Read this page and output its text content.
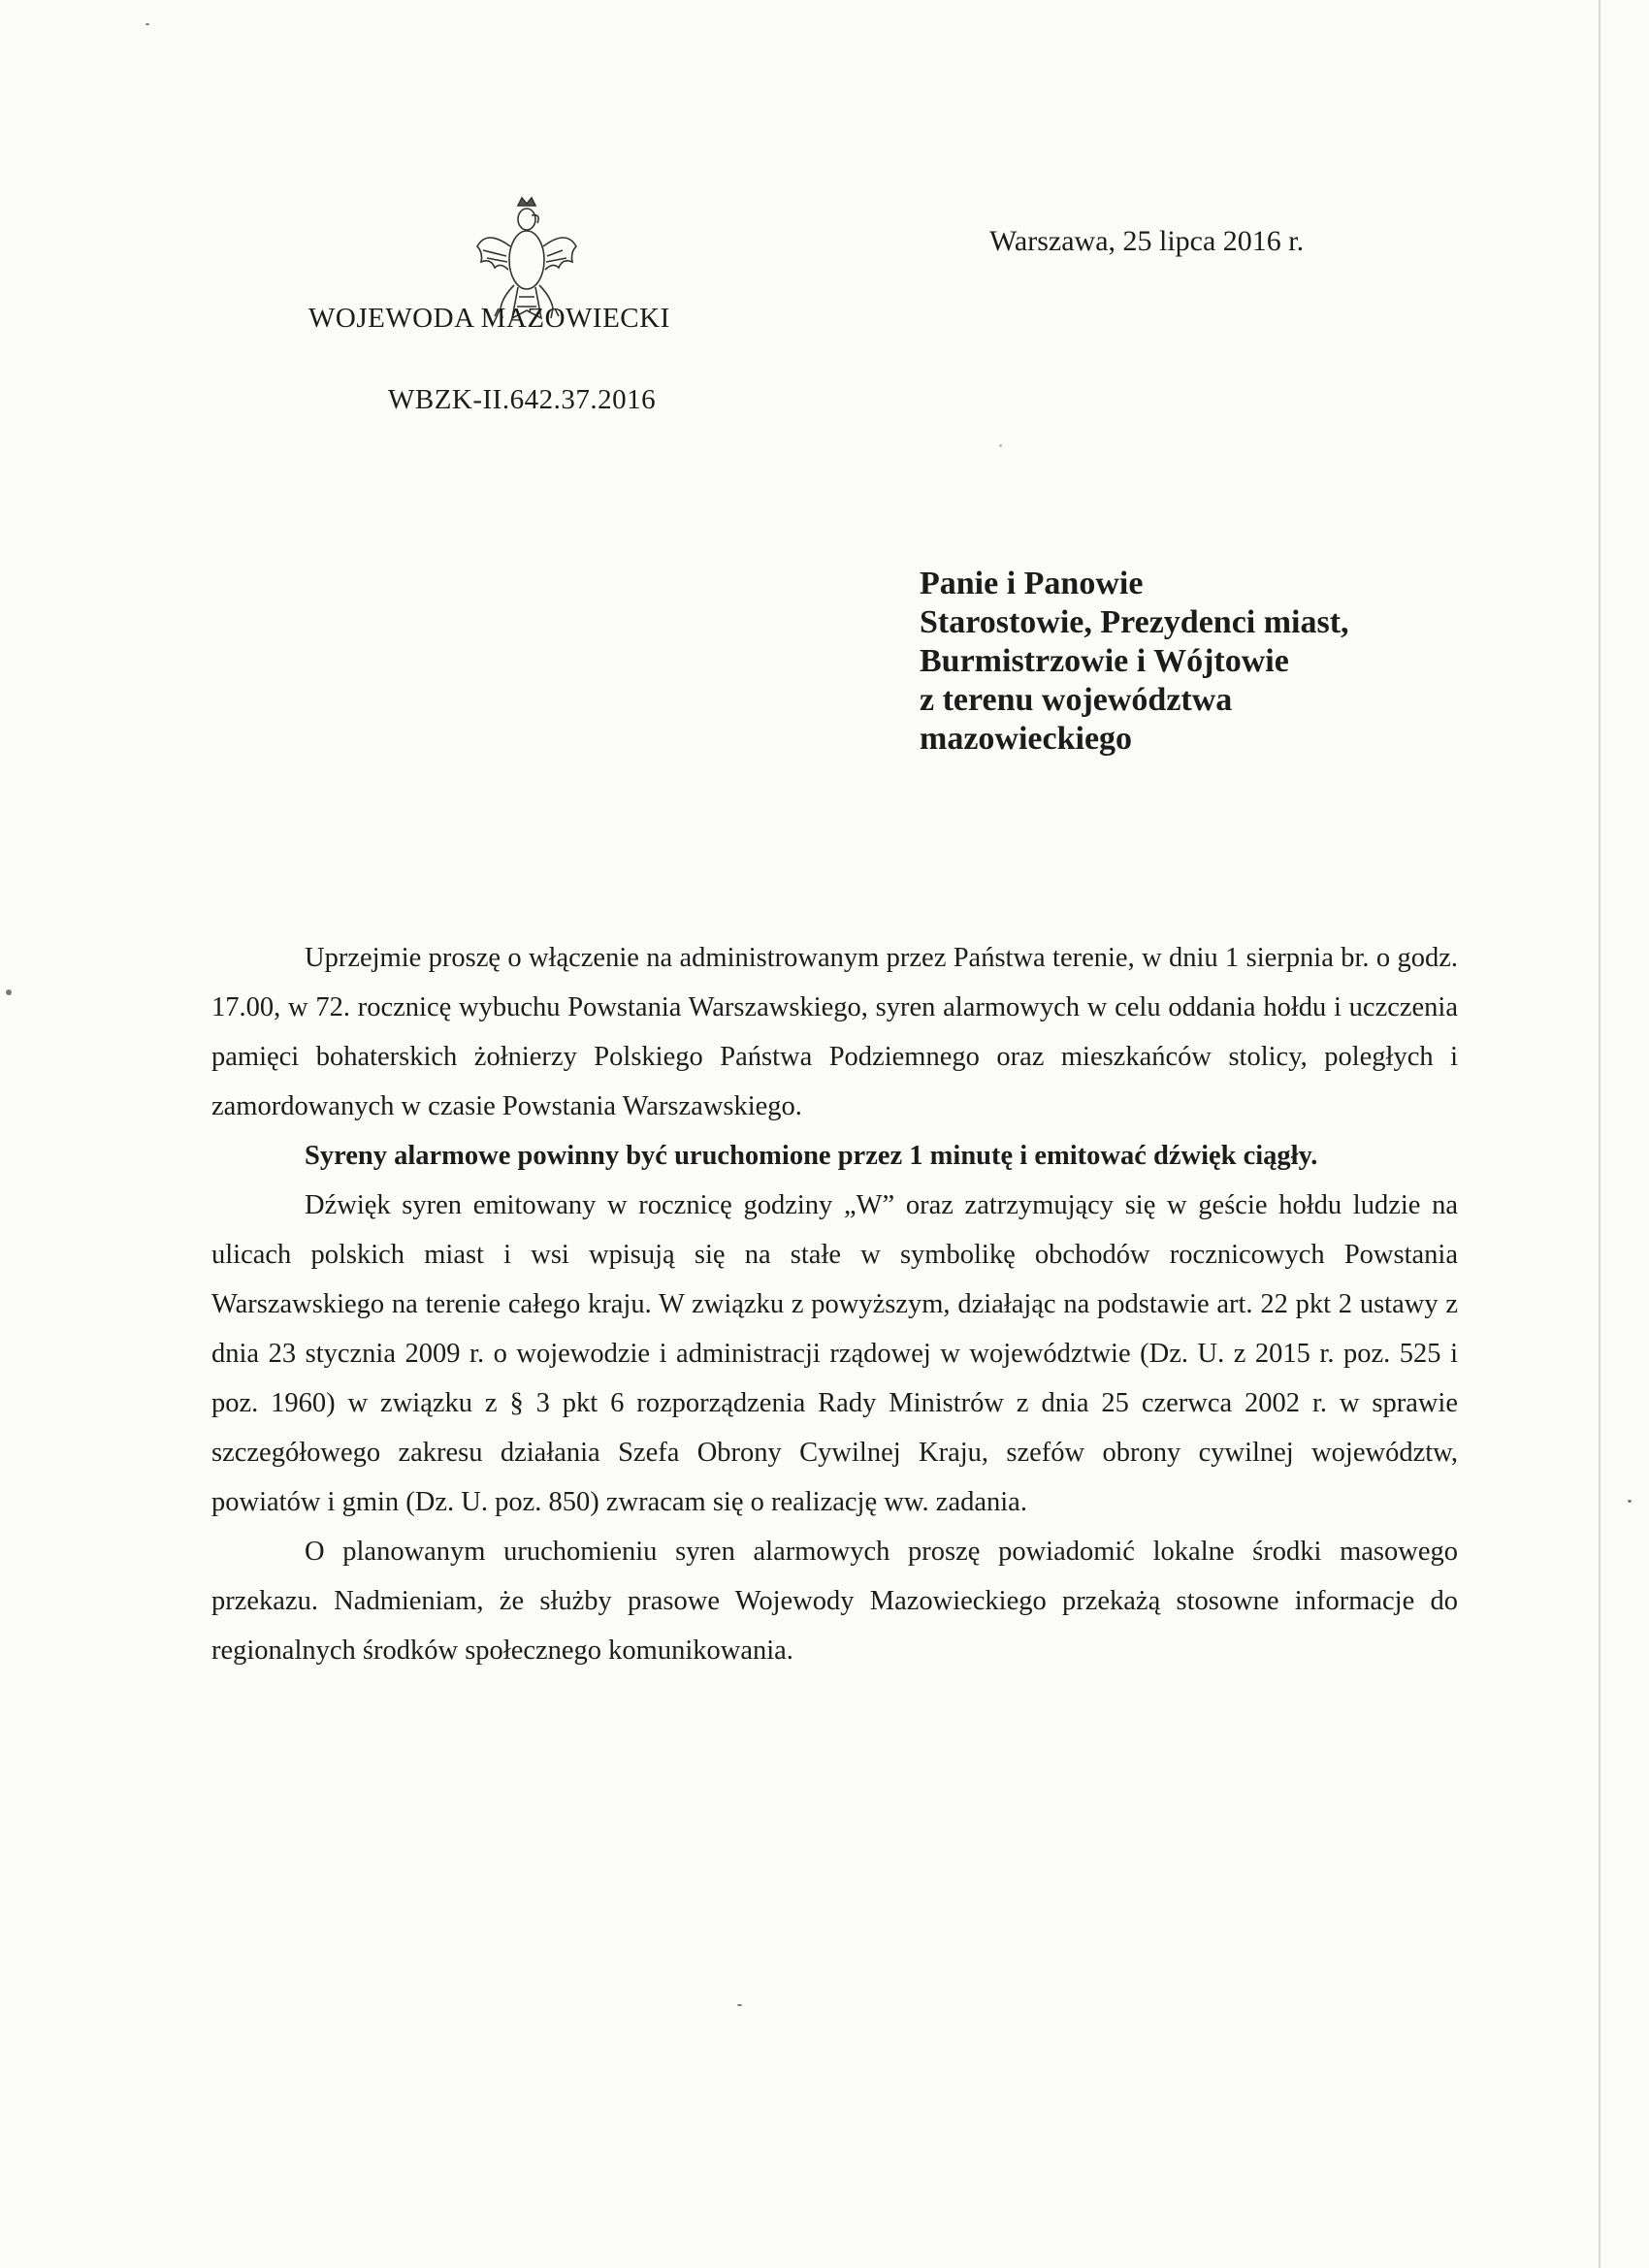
WOJEWODA MAZOWIECKI
WBZK-II.642.37.2016
Warszawa, 25 lipca 2016 r.
Panie i Panowie
Starostowie, Prezydenci miast,
Burmistrzowie i Wójtowie
z terenu województwa
mazowieckiego

Uprzejmie proszę o włączenie na administrowanym przez Państwa terenie, w dniu 1 sierpnia br. o godz. 17.00, w 72. rocznicę wybuchu Powstania Warszawskiego, syren alarmowych w celu oddania hołdu i uczczenia pamięci bohaterskich żołnierzy Polskiego Państwa Podziemnego oraz mieszkańców stolicy, poległych i zamordowanych w czasie Powstania Warszawskiego.

Syreny alarmowe powinny być uruchomione przez 1 minutę i emitować dźwięk ciągły.

Dźwięk syren emitowany w rocznicę godziny „W” oraz zatrzymujący się w geście hołdu ludzie na ulicach polskich miast i wsi wpisują się na stałe w symbolikę obchodów rocznicowych Powstania Warszawskiego na terenie całego kraju. W związku z powyższym, działając na podstawie art. 22 pkt 2 ustawy z dnia 23 stycznia 2009 r. o wojewodzie i administracji rządowej w województwie (Dz. U. z 2015 r. poz. 525 i poz. 1960) w związku z § 3 pkt 6 rozporządzenia Rady Ministrów z dnia 25 czerwca 2002 r. w sprawie szczegółowego zakresu działania Szefa Obrony Cywilnej Kraju, szefów obrony cywilnej województw, powiatów i gmin (Dz. U. poz. 850) zwracam się o realizację ww. zadania.

O planowanym uruchomieniu syren alarmowych proszę powiadomić lokalne środki masowego przekazu. Nadmieniam, że służby prasowe Wojewody Mazowieckiego przekażą stosowne informacje do regionalnych środków społecznego komunikowania.
